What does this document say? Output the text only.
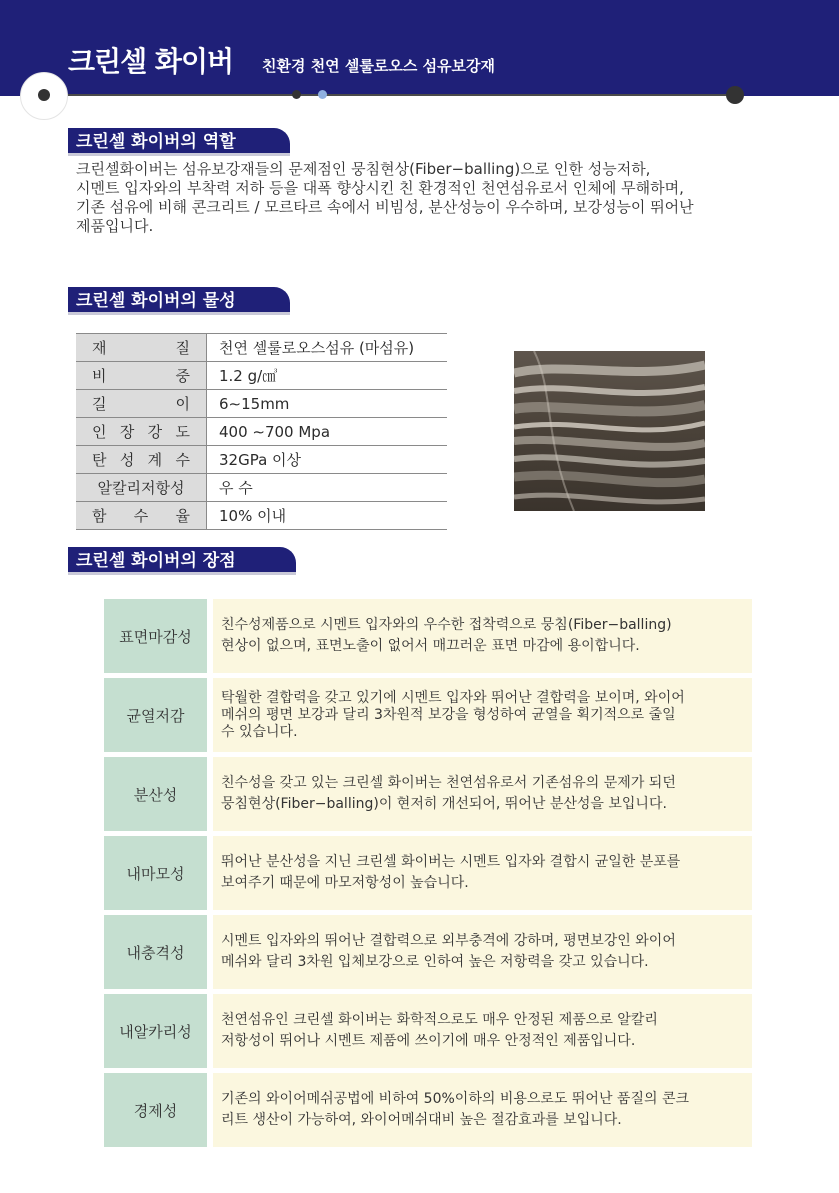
크린셀 화이버 친환경 천연 셀룰로오스 섬유보강재
크린셀 화이버의 역할

크린셀화이버는 섬유보강재들의 문제점인 뭉침현상(Fiber−balling)으로 인한 성능저하,

시멘트 입자와의 부착력 저하 등을 대폭 향상시킨 친 환경적인 천연섬유로서 인체에 무해하며,

기존 섬유에 비해 콘크리트 / 모르타르 속에서 비빔성, 분산성능이 우수하며, 보강성능이 뛰어난

제품입니다.

크린셀 화이버의 물성
재 질	천연 셀룰로오스섬유 (마섬유)

비 중	1.2 g/㎤

길 이	6∼15mm

인 장 강 도	400 ∼700 Mpa

탄 성 계 수	32GPa 이상

알칼리저항성	우 수

함 수 율	10% 이내
크린셀 화이버의 장점
표면마감성

친수성제품으로 시멘트 입자와의 우수한 접착력으로 뭉침(Fiber−balling)

현상이 없으며, 표면노출이 없어서 매끄러운 표면 마감에 용이합니다.

균열저감

탁월한 결합력을 갖고 있기에 시멘트 입자와 뛰어난 결합력을 보이며, 와이어

메쉬의 평면 보강과 달리 3차원적 보강을 형성하여 균열을 획기적으로 줄일

수 있습니다.

분산성

친수성을 갖고 있는 크린셀 화이버는 천연섬유로서 기존섬유의 문제가 되던

뭉침현상(Fiber−balling)이 현저히 개선되어, 뛰어난 분산성을 보입니다.

내마모성

뛰어난 분산성을 지닌 크린셀 화이버는 시멘트 입자와 결합시 균일한 분포를

보여주기 때문에 마모저항성이 높습니다.

내충격성

시멘트 입자와의 뛰어난 결합력으로 외부충격에 강하며, 평면보강인 와이어

메쉬와 달리 3차원 입체보강으로 인하여 높은 저항력을 갖고 있습니다.

내알카리성

천연섬유인 크린셀 화이버는 화학적으로도 매우 안정된 제품으로 알칼리

저항성이 뛰어나 시멘트 제품에 쓰이기에 매우 안정적인 제품입니다.

경제성

기존의 와이어메쉬공법에 비하여 50%이하의 비용으로도 뛰어난 품질의 콘크

리트 생산이 가능하여, 와이어메쉬대비 높은 절감효과를 보입니다.
